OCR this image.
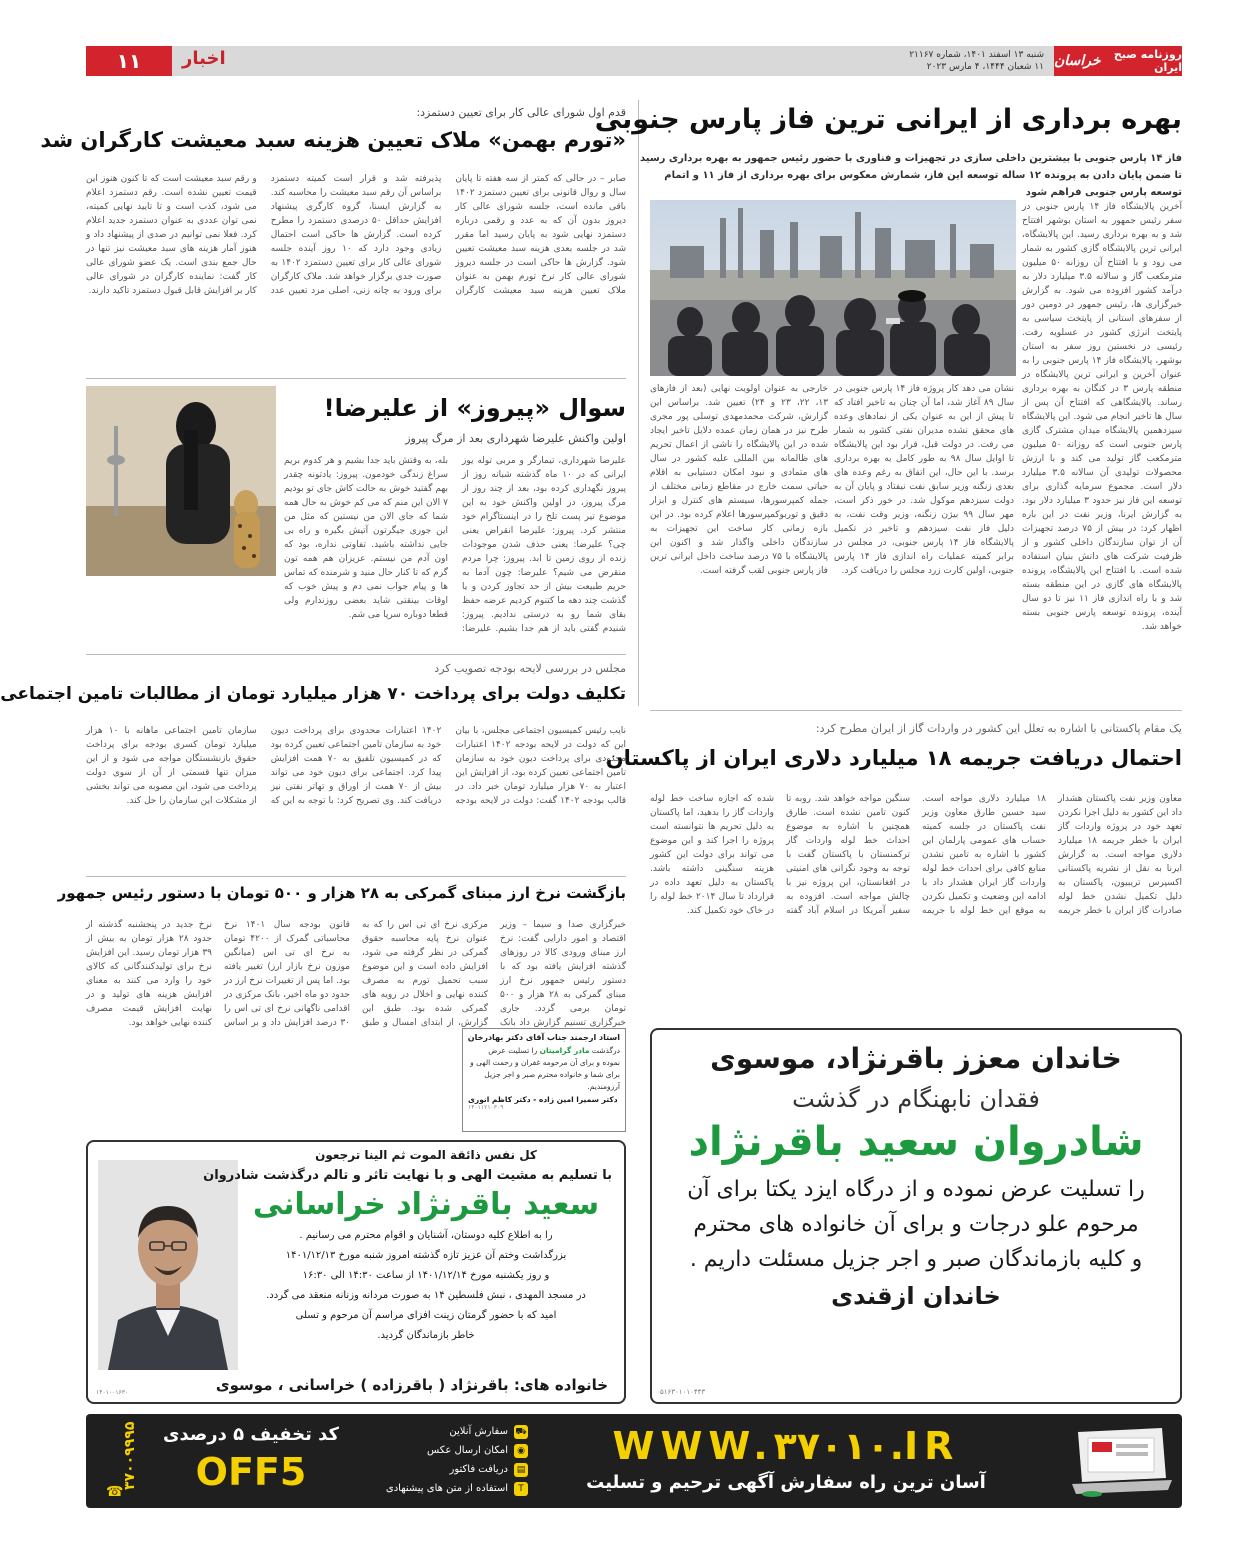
روزنامه صبح ایران
خراسان
شنبه ۱۳ اسفند ۱۴۰۱، شماره ۲۱۱۶۷
۱۱ شعبان ۱۴۴۴، ۴ مارس ۲۰۲۳
اخبار
۱۱
بهره برداری از ایرانی ترین فاز پارس جنوبی
فاز ۱۴ پارس جنوبی با بیشترین داخلی سازی در تجهیزات و فناوری با حضور رئیس جمهور به بهره برداری رسید تا ضمن پایان دادن به پرونده ۱۲ ساله توسعه این فاز، شمارش معکوس برای بهره برداری از فاز ۱۱ و اتمام توسعه پارس جنوبی فراهم شود
آخرین پالایشگاه فاز ۱۴ پارس جنوبی در سفر رئیس جمهور به استان بوشهر افتتاح شد و به بهره برداری رسید. این پالایشگاه، ایرانی ترین پالایشگاه گازی کشور به شمار می رود و با افتتاح آن روزانه ۵۰ میلیون مترمکعب گاز و سالانه ۳.۵ میلیارد دلار به درآمد کشور افزوده می شود. به گزارش خبرگزاری ها، رئیس جمهور در دومین دور از سفرهای استانی از پایتخت سیاسی به پایتخت انرژی کشور در عسلویه رفت. رئیسی در نخستین روز سفر به استان بوشهر، پالایشگاه فاز ۱۴ پارس جنوبی را به عنوان آخرین و ایرانی ترین پالایشگاه در منطقه پارس ۳ در کنگان به بهره برداری رساند. پالایشگاهی که افتتاح آن پس از سال ها تاخیر انجام می شود. این پالایشگاه سیزدهمین پالایشگاه میدان مشترک گازی پارس جنوبی است که روزانه ۵۰ میلیون مترمکعب گاز تولید می کند و با ارزش محصولات تولیدی آن سالانه ۳.۵ میلیارد دلار است. مجموع سرمایه گذاری برای توسعه این فاز نیز حدود ۳ میلیارد دلار بود. به گزارش ایرنا، وزیر نفت در این باره اظهار کرد: در بیش از ۷۵ درصد تجهیزات آن از توان سازندگان داخلی کشور و از ظرفیت شرکت های دانش بنیان استفاده شده است. با افتتاح این پالایشگاه، پرونده پالایشگاه های گازی در این منطقه بسته شد و با راه اندازی فاز ۱۱ نیز تا دو سال آینده، پرونده توسعه پارس جنوبی بسته خواهد شد.
نشان می دهد کار پروژه فاز ۱۴ پارس جنوبی در سال ۸۹ آغاز شد، اما آن چنان به تاخیر افتاد که تا پیش از این به عنوان یکی از نمادهای وعده های محقق نشده مدیران نفتی کشور به شمار می رفت. در دولت قبل، قرار بود این پالایشگاه تا اوایل سال ۹۸ به طور کامل به بهره برداری برسد. با این حال، این اتفاق به رغم وعده های بعدی زنگنه وزیر سابق نفت نیفتاد و پایان آن به دولت سیزدهم موکول شد. در خور ذکر است، مهر سال ۹۹ بیژن زنگنه، وزیر وقت نفت، به دلیل فاز نفت سیزدهم و تاخیر در تکمیل پالایشگاه فاز ۱۴ پارس جنوبی، در مجلس در برابر کمیته عملیات راه اندازی فاز ۱۴ پارس جنوبی، اولین کارت زرد مجلس را دریافت کرد.
خارجی به عنوان اولویت نهایی (بعد از فازهای ۱۳، ۲۲، ۲۳ و ۲۴) تعیین شد. براساس این گزارش، شرکت محمدمهدی توسلی پور مجری طرح نیز در همان زمان عمده دلایل تاخیر ایجاد شده در این پالایشگاه را ناشی از اعمال تحریم های ظالمانه بین المللی علیه کشور در سال های متمادی و نبود امکان دستیابی به اقلام حیاتی سمت خارج در مقاطع زمانی مختلف از جمله کمپرسورها، سیستم های کنترل و ابزار دقیق و توربوکمپرسورها اعلام کرده بود. در این بازه زمانی کار ساخت این تجهیزات به سازندگان داخلی واگذار شد و اکنون این پالایشگاه با ۷۵ درصد ساخت داخل ایرانی ترین فاز پارس جنوبی لقب گرفته است.
قدم اول شورای عالی کار برای تعیین دستمزد:
«تورم بهمن» ملاک تعیین هزینه سبد معیشت کارگران شد
صابر – در حالی که کمتر از سه هفته تا پایان سال و روال قانونی برای تعیین دستمزد ۱۴۰۲ باقی مانده است، جلسه شورای عالی کار دیروز بدون آن که به عدد و رقمی درباره دستمزد نهایی شود به پایان رسید اما مقرر شد در جلسه بعدی هزینه سبد معیشت تعیین شود. گزارش ها حاکی است در جلسه دیروز شورای عالی کار نرخ تورم بهمن به عنوان ملاک تعیین هزینه سبد معیشت کارگران پذیرفته شد و قرار است کمیته دستمزد براساس آن رقم سبد معیشت را محاسبه کند. به گزارش ایسنا، گروه کارگری پیشنهاد افزایش حداقل ۵۰ درصدی دستمزد را مطرح کرده است. گزارش ها حاکی است احتمال زیادی وجود دارد که ۱۰ روز آینده جلسه شورای عالی کار برای تعیین دستمزد ۱۴۰۲ به صورت جدی برگزار خواهد شد. ملاک کارگران برای ورود به چانه زنی، اصلی مزد تعیین عدد و رقم سبد معیشت است که تا کنون هنوز این قیمت تعیین نشده است. رقم دستمزد اعلام می شود، کذب است و تا تایید نهایی کمیته، نمی توان عددی به عنوان دستمزد جدید اعلام کرد. فعلا نمی توانیم در صدی از پیشنهاد داد و هنوز آمار هزینه های سبد معیشت نیز تنها در حال جمع بندی است. یک عضو شورای عالی کار گفت: نماینده کارگران در شورای عالی کار بر افزایش قابل قبول دستمزد تاکید دارند.
سوال «پیروز» از علیرضا!
اولین واکنش علیرضا شهرداری بعد از مرگ پیروز
علیرضا شهرداری، تیمارگر و مربی توله یوز ایرانی که در ۱۰ ماه گذشته شبانه روز از پیروز نگهداری کرده بود، بعد از چند روز از مرگ پیروز، در اولین واکنش خود به این موضوع تیر پست تلخ را در اینستاگرام خود منتشر کرد. پیروز: علیرضا انقراض یعنی چی؟ علیرضا: یعنی حذف شدن موجودات زنده از روی زمین تا ابد. پیروز: چرا مردم منقرض می شیم؟ علیرضا: چون آدما به حریم طبیعت بیش از حد تجاوز کردن و یا گذشت چند دهه ما کتنوم کردیم عرضه حفظ بقای شما رو به درستی ندادیم. پیروز: شنیدم گفتی باید از هم جدا بشیم. علیرضا: بله، به وقتش باید جدا بشیم و هر کدوم بریم سراغ زندگی خودمون. پیروز: یادتونه چقدر بهم گفتید خوش به حالت کاش جای تو بودیم ۷ الان این منم که می کم خوش به حال همه شما که جای الان من نیستین که مثل من این جوری جیگرتون آتیش بگیره و راه بی جایی نداشته باشید. تفاوتی نداره، بود که اون آدم من نیستم. عزیزان هم همه تون گرم که تا کنار حال منید و شرمنده که تماس ها و پیام جواب نمی دم و پیش خوب که اوقات بینقتی شاید بعضی روزندارم ولی قطعا دوباره سرپا می شم.
مجلس در بررسی لایحه بودجه تصویب کرد
تکلیف دولت برای پرداخت ۷۰ هزار میلیارد تومان از مطالبات تامین اجتماعی
نایب رئیس کمیسیون اجتماعی مجلس، با بیان این که دولت در لایحه بودجه ۱۴۰۲ اعتبارات محدودی برای پرداخت دیون خود به سازمان تامین اجتماعی تعیین کرده بود، از افزایش این اعتبار به ۷۰ هزار میلیارد تومان خبر داد. در قالب بودجه ۱۴۰۲ گفت: دولت در لایحه بودجه ۱۴۰۲ اعتبارات محدودی برای پرداخت دیون خود به سازمان تامین اجتماعی تعیین کرده بود که در کمیسیون تلفیق به ۷۰ همت افزایش پیدا کرد. اجتماعی برای دیون خود می تواند بیش از ۷۰ همت از اوراق و تهاتر نفتی نیز دریافت کند. وی تصریح کرد: با توجه به این که سازمان تامین اجتماعی ماهانه با ۱۰ هزار میلیارد تومان کسری بودجه برای پرداخت حقوق بازنشستگان مواجه می شود و از این میزان تنها قسمتی از آن از سوی دولت پرداخت می شود، این مصوبه می تواند بخشی از مشکلات این سازمان را حل کند.
یک مقام پاکستانی با اشاره به تعلل این کشور در واردات گاز از ایران مطرح کرد:
احتمال دریافت جریمه ۱۸ میلیارد دلاری ایران از پاکستان
معاون وزیر نفت پاکستان هشدار داد این کشور به دلیل اجرا نکردن تعهد خود در پروژه واردات گاز ایران با خطر جریمه ۱۸ میلیارد دلاری مواجه است. به گزارش ایرنا به نقل از نشریه پاکستانی اکسپرس تریبیون، پاکستان به دلیل تکمیل نشدن خط لوله صادرات گاز ایران با خطر جریمه ۱۸ میلیارد دلاری مواجه است. سید حسین طارق معاون وزیر نفت پاکستان در جلسه کمیته حساب های عمومی پارلمان این کشور با اشاره به تامین نشدن منابع کافی برای احداث خط لوله واردات گاز ایران هشدار داد با ادامه این وضعیت و تکمیل نکردن به موقع این خط لوله با جریمه سنگین مواجه خواهد شد. روبه تا کنون تامین نشده است. طارق همچنین با اشاره به موضوع احداث خط لوله واردات گاز ترکمنستان با پاکستان گفت با توجه به وجود نگرانی های امنیتی در افغانستان، این پروژه نیز با چالش مواجه است. افزوده به سفیر آمریکا در اسلام آباد گفته شده که اجازه ساخت خط لوله واردات گاز را بدهید، اما پاکستان به دلیل تحریم ها نتوانسته است پروژه را اجرا کند و این موضوع می تواند برای دولت این کشور هزینه سنگینی داشته باشد. پاکستان به دلیل تعهد داده در قرارداد تا سال ۲۰۱۴ خط لوله را در خاک خود تکمیل کند.
بازگشت نرخ ارز مبنای گمرکی به ۲۸ هزار و ۵۰۰ تومان با دستور رئیس جمهور
خبرگزاری صدا و سیما – وزیر اقتصاد و امور دارایی گفت: نرخ ارز مبنای ورودی کالا در روزهای گذشته افزایش یافته بود که با دستور رئیس جمهور نرخ ارز مبنای گمرکی به ۲۸ هزار و ۵۰۰ تومان برمی گردد. جاری خبرگزاری تسنیم گزارش داد بانک مرکزی نرخ ای تی اس را که به عنوان نرخ پایه محاسبه حقوق گمرکی در نظر گرفته می شود، افزایش داده است و این موضوع سبب تحمیل تورم به مصرف کننده نهایی و اخلال در رویه های گمرکی شده بود. طبق این گزارش، از ابتدای امسال و طبق قانون بودجه سال ۱۴۰۱ نرخ محاسباتی گمرک از ۴۲۰۰ تومان به نرخ ای تی اس (میانگین موزون نرخ بازار ارز) تغییر یافته بود. اما پس از تغییرات نرخ ارز در حدود دو ماه اخیر، بانک مرکزی در اقدامی ناگهانی نرخ ای تی اس را ۳۰ درصد افزایش داد و بر اساس نرخ جدید در پنجشنبه گذشته از حدود ۲۸ هزار تومان به بیش از ۳۹ هزار تومان رسید. این افزایش نرخ برای تولیدکنندگانی که کالای خود را وارد می کنند به معنای افزایش هزینه های تولید و در نهایت افزایش قیمت مصرف کننده نهایی خواهد بود.
استاد ارجمند جناب آقای دکتر بهادرخان
درگذشت مادر گرامیتان را تسلیت عرض
نموده و برای آن مرحومه غفران و رحمت الهی و
برای شما و خانواده محترم صبر و اجر جزیل
آرزومندیم.
دکتر سمیرا امین زاده - دکتر کاظم انوری
۱۴۰۱۱۲۱۰۳۰۹
خاندان معزز باقرنژاد، موسوی
فقدان نابهنگام در گذشت
شادروان سعید باقرنژاد
را تسلیت عرض نموده و از درگاه ایزد یکتا برای آن
مرحوم علو درجات و برای آن خانواده های محترم
و کلیه بازماندگان صبر و اجر جزیل مسئلت داریم .
خاندان ازقندی
۵۱۶۳۰۱۰۱۰۴۴۳
کل نفس ذائقة الموت ثم الینا ترجعون
با تسلیم به مشیت الهی و با نهایت تاثر و تالم درگذشت شادروان
سعید باقرنژاد خراسانی
را به اطلاع کلیه دوستان، آشنایان و اقوام محترم می رسانیم .
بزرگداشت وختم آن عزیز تازه گذشته امروز شنبه مورخ ۱۴۰۱/۱۲/۱۳
و روز یکشنبه مورخ ۱۴۰۱/۱۲/۱۴ از ساعت ۱۴:۳۰ الی ۱۶:۳۰
در مسجد المهدی ، نبش فلسطین ۱۴ به صورت مردانه وزنانه منعقد می گردد.
امید که با حضور گرمتان زینت افزای مراسم آن مرحوم و تسلی
خاطر بازماندگان گردید.
خانواده های: باقرنژاد ( باقرزاده ) خراسانی ، موسوی
۱۴۰۱۰۰۱۶۳۰
WWW.۳۷۰۱۰.IR
آسان ترین راه سفارش آگهی ترحیم و تسلیت
⛟
سفارش آنلاین
◉
امکان ارسال عکس
▤
دریافت فاکتور
T
استفاده از متن های پیشنهادی
کد تخفیف ۵ درصدی
OFF5
۳۷۰۰۹۹۹۵
☎
